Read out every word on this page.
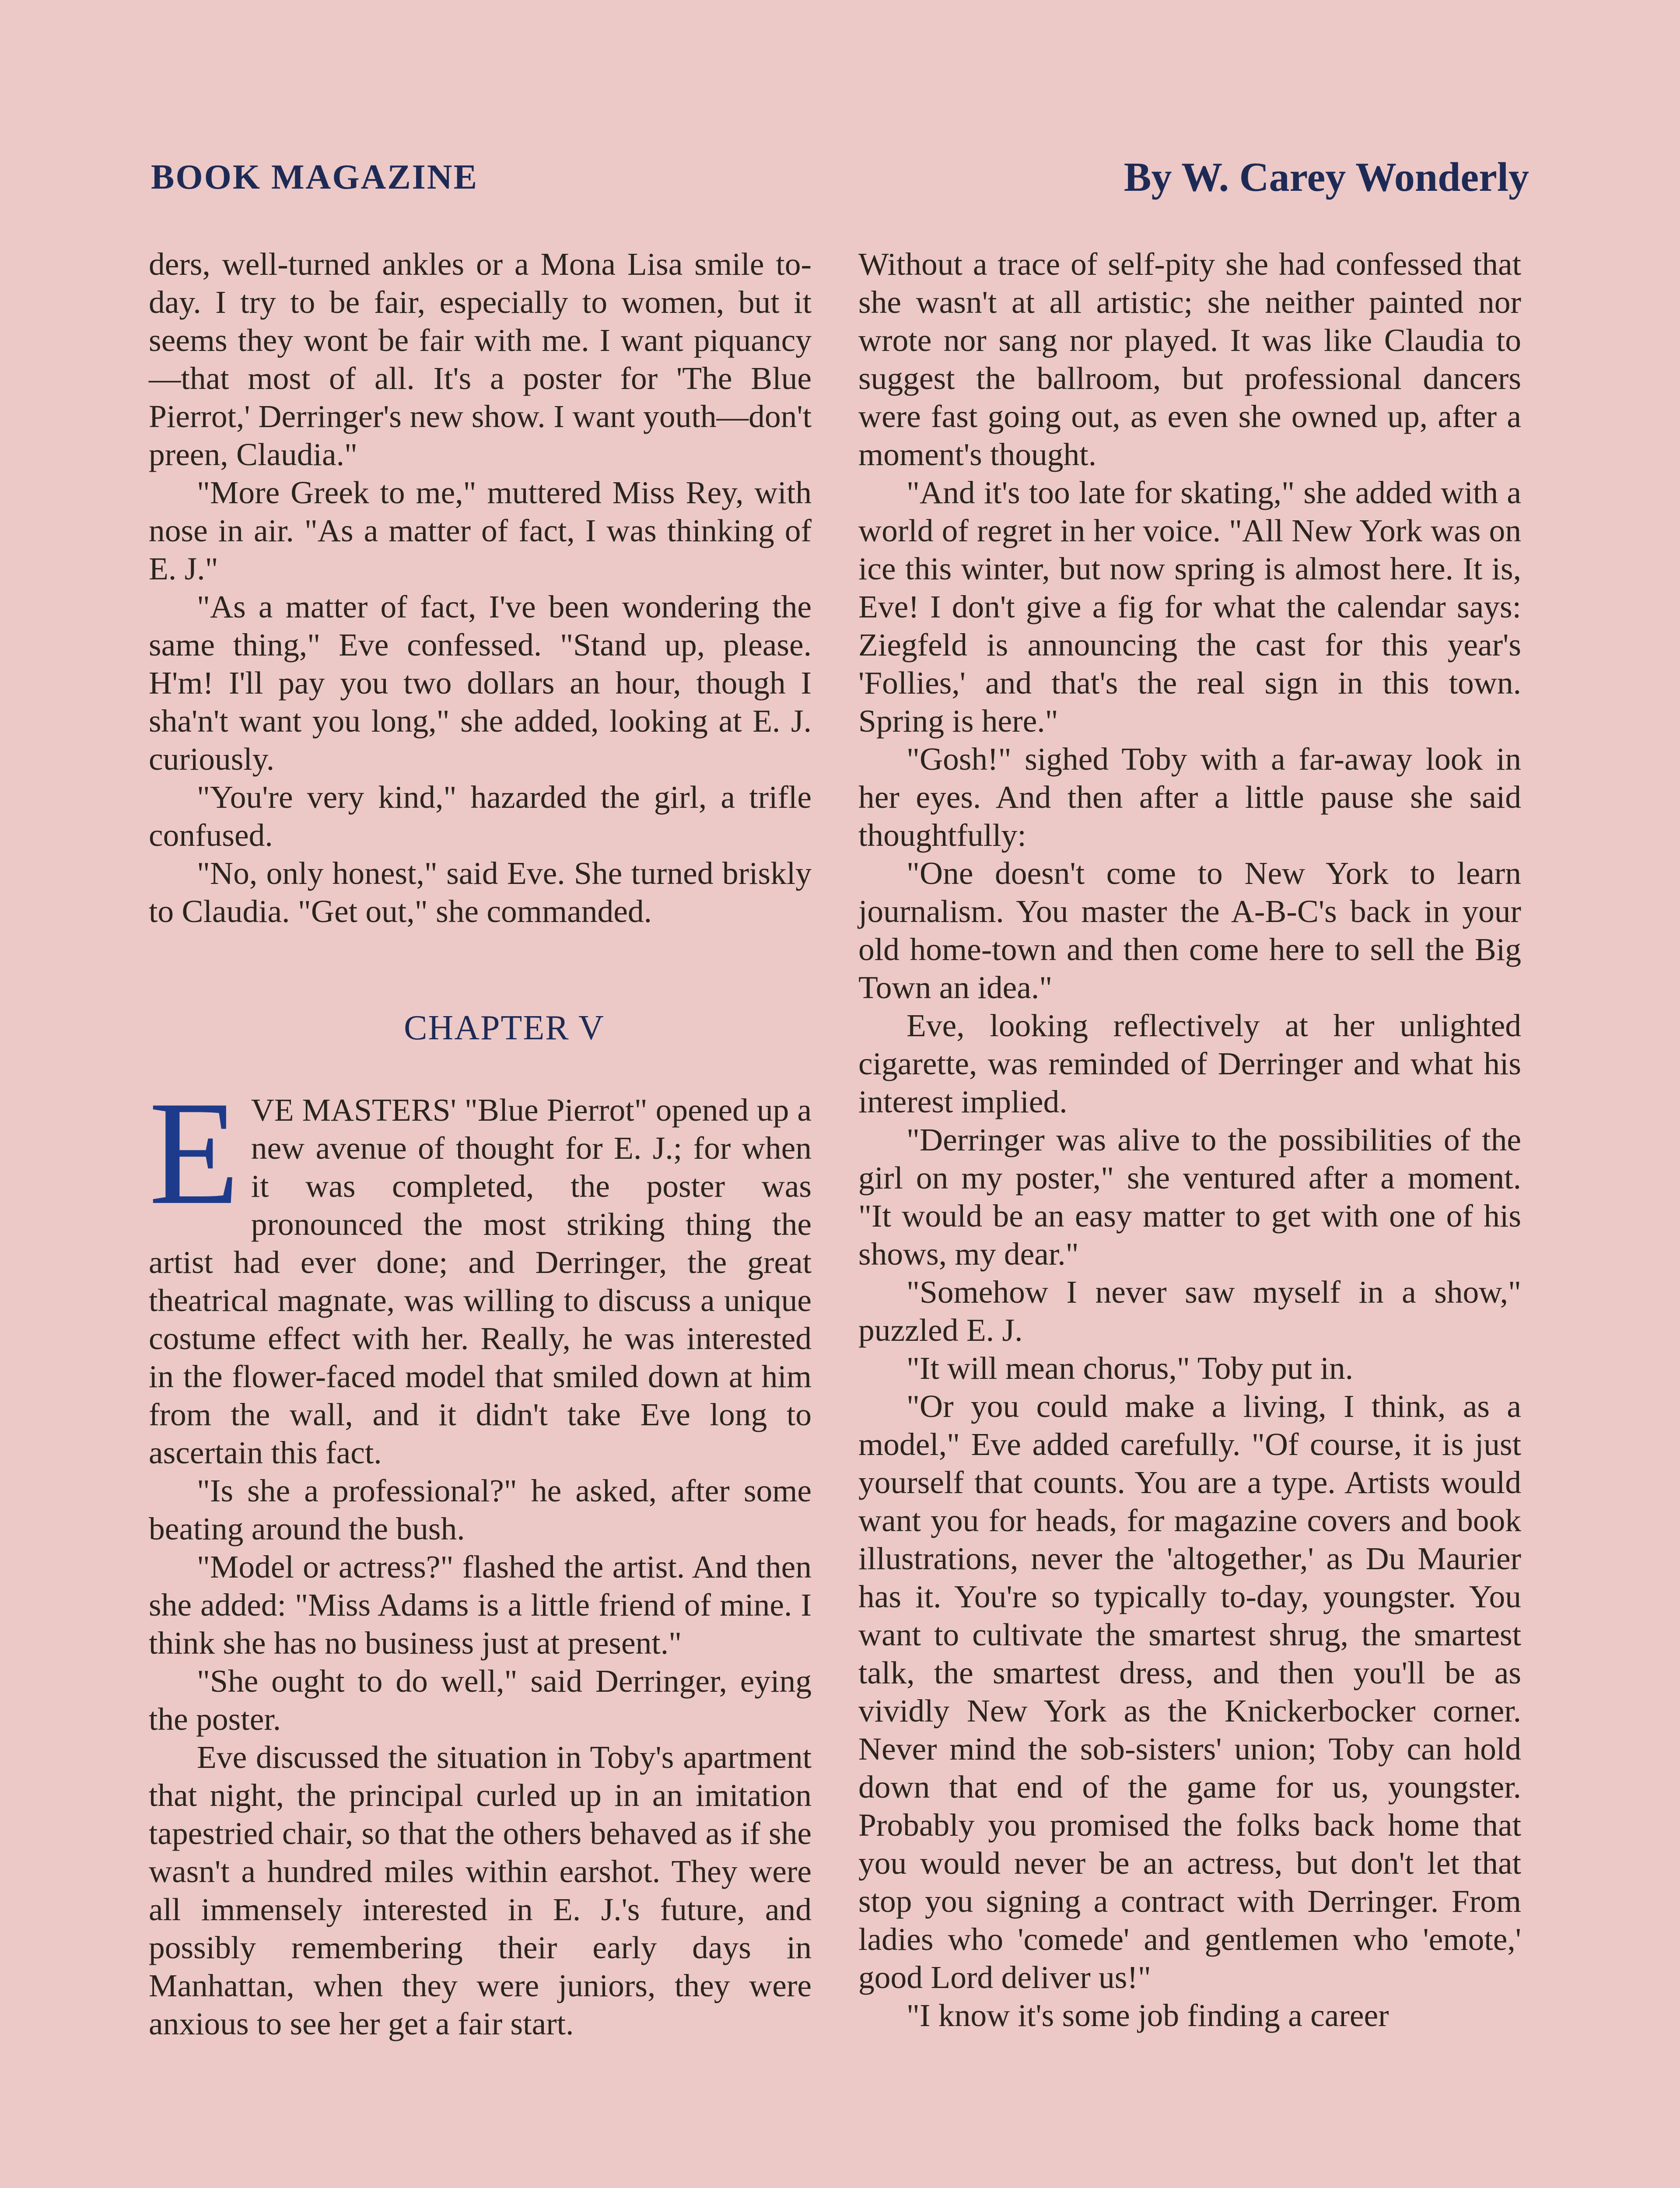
BOOK MAGAZINE	By W. Carey Wonderly

ders, well-turned ankles or a Mona Lisa smile to-day. I try to be fair, especially to women, but it seems they wont be fair with me. I want piquancy—that most of all. It's a poster for 'The Blue Pierrot,' Derringer's new show. I want youth—don't preen, Claudia."

"More Greek to me," muttered Miss Rey, with nose in air. "As a matter of fact, I was thinking of E. J."

"As a matter of fact, I've been wondering the same thing," Eve confessed. "Stand up, please. H'm! I'll pay you two dollars an hour, though I sha'n't want you long," she added, looking at E. J. curiously.

"You're very kind," hazarded the girl, a trifle confused.

"No, only honest," said Eve. She turned briskly to Claudia. "Get out," she commanded.

CHAPTER V

EVE MASTERS' "Blue Pierrot" opened up a new avenue of thought for E. J.; for when it was completed, the poster was pronounced the most striking thing the artist had ever done; and Derringer, the great theatrical magnate, was willing to discuss a unique costume effect with her. Really, he was interested in the flower-faced model that smiled down at him from the wall, and it didn't take Eve long to ascertain this fact.

"Is she a professional?" he asked, after some beating around the bush.

"Model or actress?" flashed the artist. And then she added: "Miss Adams is a little friend of mine. I think she has no business just at present."

"She ought to do well," said Derringer, eying the poster.

Eve discussed the situation in Toby's apartment that night, the principal curled up in an imitation tapestried chair, so that the others behaved as if she wasn't a hundred miles within earshot. They were all immensely interested in E. J.'s future, and possibly remembering their early days in Manhattan, when they were juniors, they were anxious to see her get a fair start.

Without a trace of self-pity she had confessed that she wasn't at all artistic; she neither painted nor wrote nor sang nor played. It was like Claudia to suggest the ballroom, but professional dancers were fast going out, as even she owned up, after a moment's thought.

"And it's too late for skating," she added with a world of regret in her voice. "All New York was on ice this winter, but now spring is almost here. It is, Eve! I don't give a fig for what the calendar says: Ziegfeld is announcing the cast for this year's 'Follies,' and that's the real sign in this town. Spring is here."

"Gosh!" sighed Toby with a far-away look in her eyes. And then after a little pause she said thoughtfully:

"One doesn't come to New York to learn journalism. You master the A-B-C's back in your old home-town and then come here to sell the Big Town an idea."

Eve, looking reflectively at her unlighted cigarette, was reminded of Derringer and what his interest implied.

"Derringer was alive to the possibilities of the girl on my poster," she ventured after a moment. "It would be an easy matter to get with one of his shows, my dear."

"Somehow I never saw myself in a show," puzzled E. J.

"It will mean chorus," Toby put in.

"Or you could make a living, I think, as a model," Eve added carefully. "Of course, it is just yourself that counts. You are a type. Artists would want you for heads, for magazine covers and book illustrations, never the 'altogether,' as Du Maurier has it. You're so typically to-day, youngster. You want to cultivate the smartest shrug, the smartest talk, the smartest dress, and then you'll be as vividly New York as the Knickerbocker corner. Never mind the sob-sisters' union; Toby can hold down that end of the game for us, youngster. Probably you promised the folks back home that you would never be an actress, but don't let that stop you signing a contract with Derringer. From ladies who 'comede' and gentlemen who 'emote,' good Lord deliver us!"

"I know it's some job finding a career
